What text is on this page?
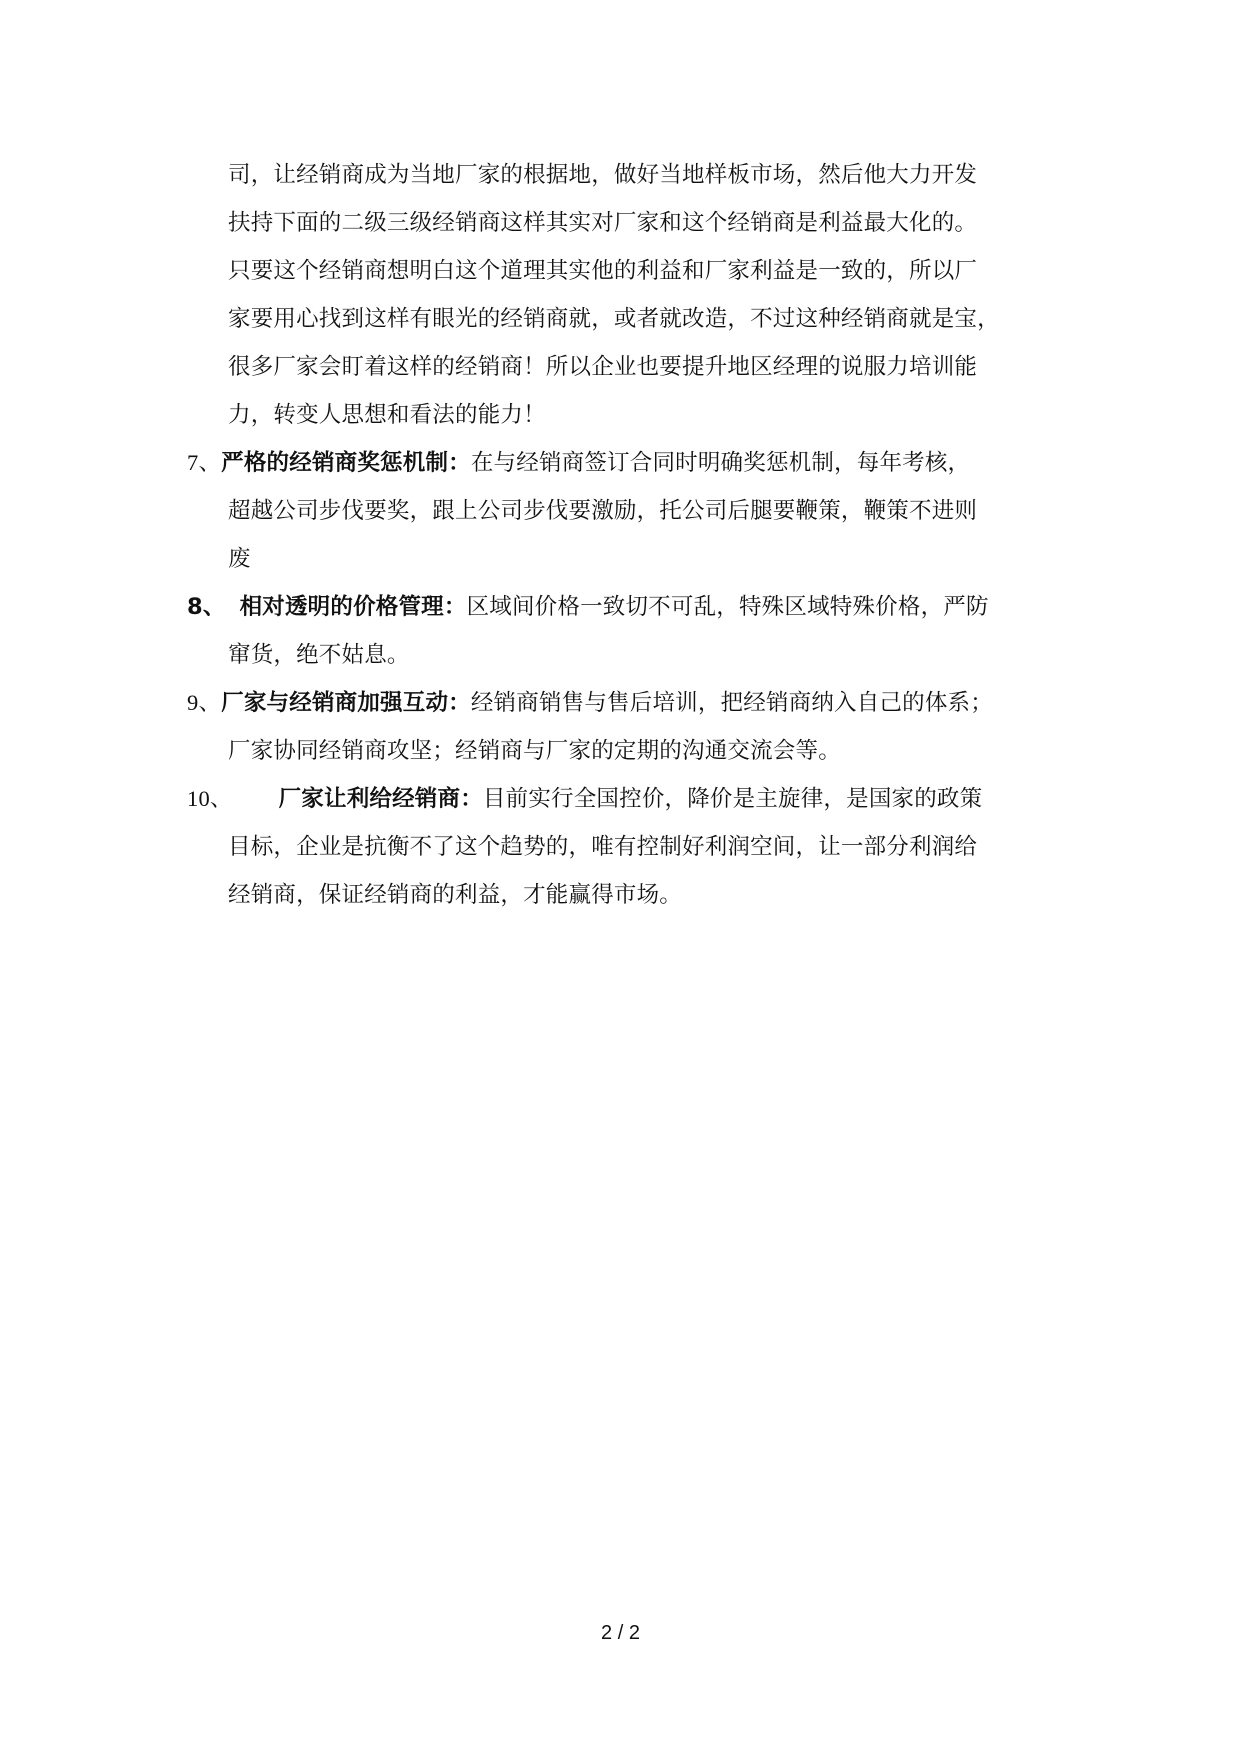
司，让经销商成为当地厂家的根据地，做好当地样板市场，然后他大力开发
扶持下面的二级三级经销商这样其实对厂家和这个经销商是利益最大化的。
只要这个经销商想明白这个道理其实他的利益和厂家利益是一致的，所以厂
家要用心找到这样有眼光的经销商就，或者就改造，不过这种经销商就是宝，
很多厂家会盯着这样的经销商！所以企业也要提升地区经理的说服力培训能
力，转变人思想和看法的能力！
7、严格的经销商奖惩机制：在与经销商签订合同时明确奖惩机制，每年考核，
超越公司步伐要奖，跟上公司步伐要激励，托公司后腿要鞭策，鞭策不进则
废
8、 相对透明的价格管理：区域间价格一致切不可乱，特殊区域特殊价格，严防
窜货，绝不姑息。
9、厂家与经销商加强互动：经销商销售与售后培训，把经销商纳入自己的体系；
厂家协同经销商攻坚；经销商与厂家的定期的沟通交流会等。
10、 厂家让利给经销商：目前实行全国控价，降价是主旋律，是国家的政策
目标，企业是抗衡不了这个趋势的，唯有控制好利润空间，让一部分利润给
经销商，保证经销商的利益，才能赢得市场。
2 / 2
